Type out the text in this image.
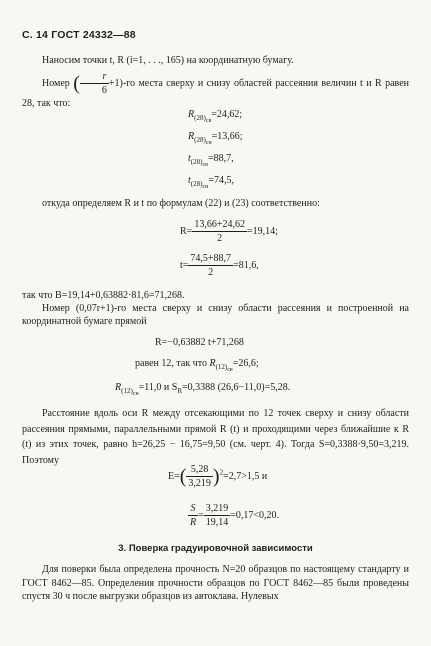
С. 14 ГОСТ 24332—88
Наносим точки t, R (i=1, . . ., 165) на координатную бумагу.
Номер ( $\frac{r}{6} +1)-го$ места сверху и снизу областей рассеяния величин t и R равен 28, так что:
$R_{(28)св}=24,62$;
$R_{(28)сн}=13,66$;
$t_{(28)св}=88,7$,
$t_{(28)сн}=74,5$,
откуда определяем R и t по формулам (22) и (23) соответственно:
$R= \frac{13,66+24,62}{2} =19,14$;
$t= \frac{74,5+88,7}{2} =81,6$,
так что B=19,14+0,63882·81,6=71,268.
Номер (0,07r+1)-го места сверху и снизу области рассеяния и построенной на координатной бумаге прямой
R=−0,63882 t+71,268
равен 12, так что $R_{(12)св}=26,6$;
$R_{(12)сн}=11,0$ и $S_R=0,3388$ (26,6−11,0)=5,28.
Расстояние вдоль оси R между отсекающими по 12 точек сверху и снизу области рассеяния прямыми, параллельными прямой R (t) и проходящими через ближайшие к R (t) из этих точек, равно h=26,25 − 16,75=9,50 (см. черт. 4). Тогда S=0,3388·9,50=3,219. Поэтому
$E=( \frac{5,28}{3,219} )^2=2,7>1,5$ и
$\frac{S}{R} = \frac{3,219}{19,14} =0,17<0,20$.
3. Поверка градуировочной зависимости
Для поверки была определена прочность N=20 образцов по настоящему стандарту и ГОСТ 8462—85. Определения прочности образцов по ГОСТ 8462—85 были проведены спустя 30 ч после выгрузки образцов из автоклава. Нулевых
